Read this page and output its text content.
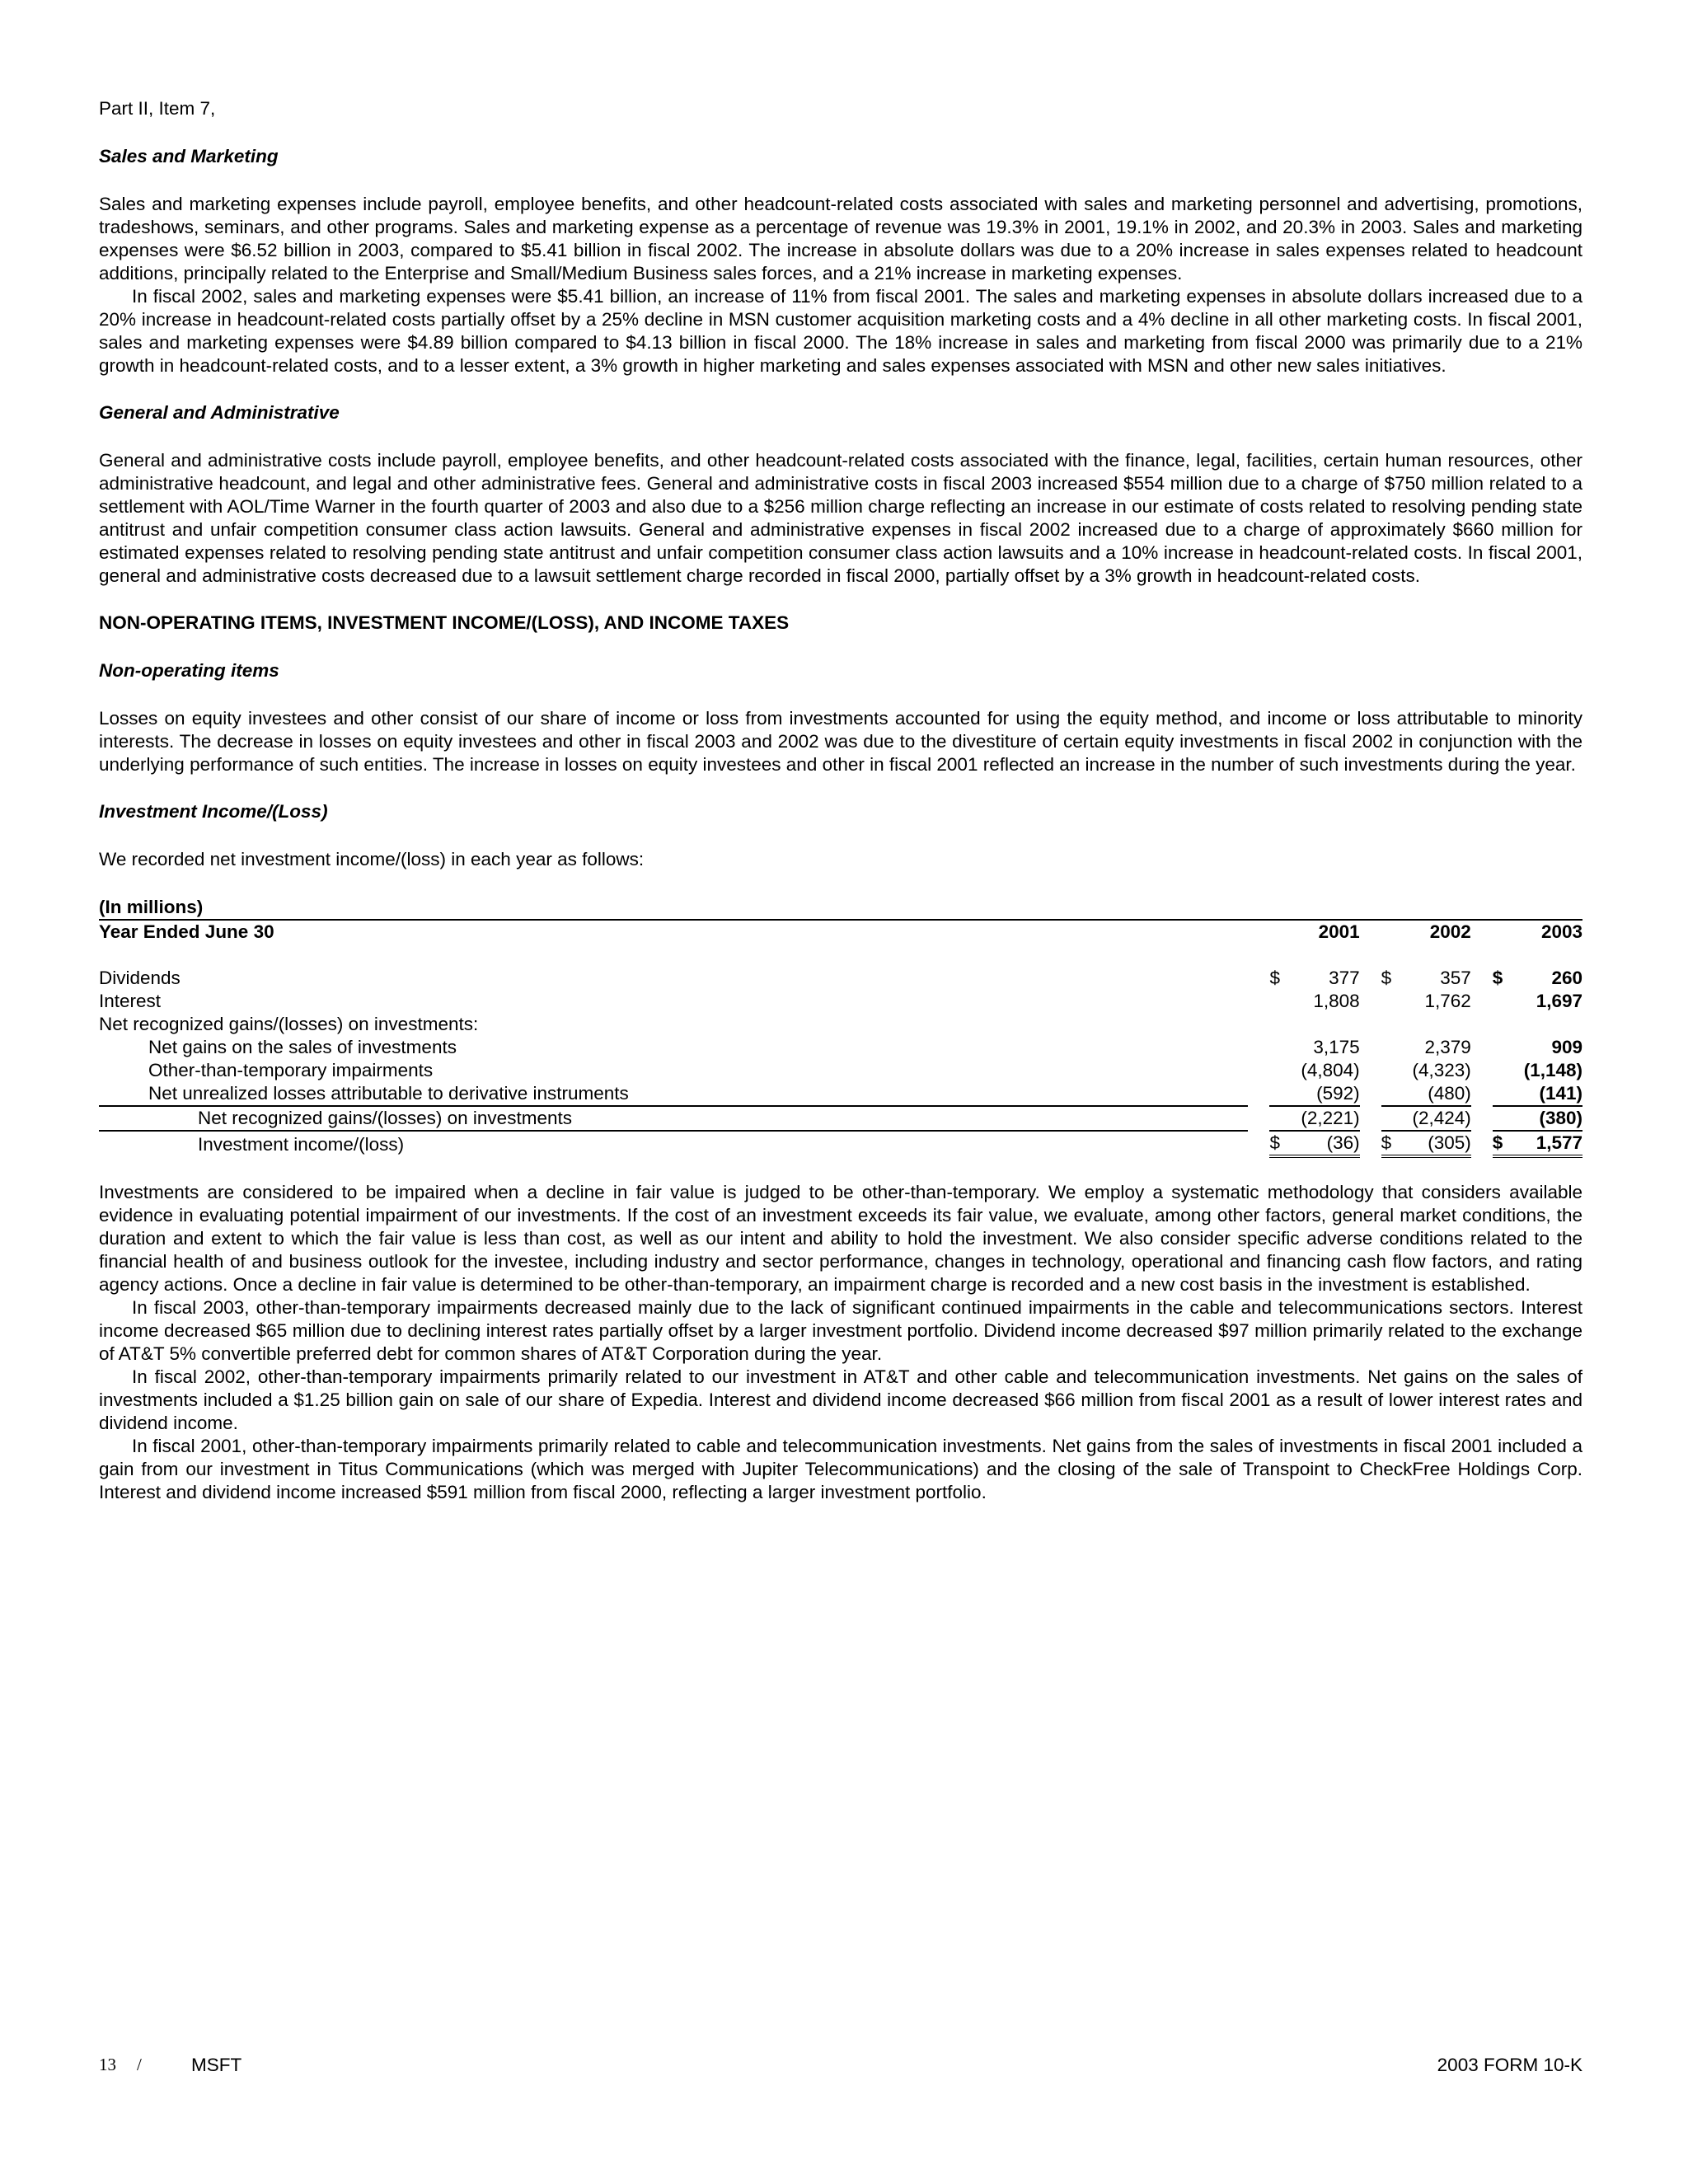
Part II, Item 7,
Sales and Marketing

Sales and marketing expenses include payroll, employee benefits, and other headcount-related costs associated with sales and marketing personnel and advertising, promotions, tradeshows, seminars, and other programs. Sales and marketing expense as a percentage of revenue was 19.3% in 2001, 19.1% in 2002, and 20.3% in 2003. Sales and marketing expenses were $6.52 billion in 2003, compared to $5.41 billion in fiscal 2002. The increase in absolute dollars was due to a 20% increase in sales expenses related to headcount additions, principally related to the Enterprise and Small/Medium Business sales forces, and a 21% increase in marketing expenses.

In fiscal 2002, sales and marketing expenses were $5.41 billion, an increase of 11% from fiscal 2001. The sales and marketing expenses in absolute dollars increased due to a 20% increase in headcount-related costs partially offset by a 25% decline in MSN customer acquisition marketing costs and a 4% decline in all other marketing costs. In fiscal 2001, sales and marketing expenses were $4.89 billion compared to $4.13 billion in fiscal 2000. The 18% increase in sales and marketing from fiscal 2000 was primarily due to a 21% growth in headcount-related costs, and to a lesser extent, a 3% growth in higher marketing and sales expenses associated with MSN and other new sales initiatives.

General and Administrative

General and administrative costs include payroll, employee benefits, and other headcount-related costs associated with the finance, legal, facilities, certain human resources, other administrative headcount, and legal and other administrative fees. General and administrative costs in fiscal 2003 increased $554 million due to a charge of $750 million related to a settlement with AOL/Time Warner in the fourth quarter of 2003 and also due to a $256 million charge reflecting an increase in our estimate of costs related to resolving pending state antitrust and unfair competition consumer class action lawsuits. General and administrative expenses in fiscal 2002 increased due to a charge of approximately $660 million for estimated expenses related to resolving pending state antitrust and unfair competition consumer class action lawsuits and a 10% increase in headcount-related costs. In fiscal 2001, general and administrative costs decreased due to a lawsuit settlement charge recorded in fiscal 2000, partially offset by a 3% growth in headcount-related costs.

NON-OPERATING ITEMS, INVESTMENT INCOME/(LOSS), AND INCOME TAXES
Non-operating items

Losses on equity investees and other consist of our share of income or loss from investments accounted for using the equity method, and income or loss attributable to minority interests. The decrease in losses on equity investees and other in fiscal 2003 and 2002 was due to the divestiture of certain equity investments in fiscal 2002 in conjunction with the underlying performance of such entities. The increase in losses on equity investees and other in fiscal 2001 reflected an increase in the number of such investments during the year.

Investment Income/(Loss)

We recorded net investment income/(loss) in each year as follows:

(In millions)						
Year Ended June 30		2001		2002		2003

Dividends		$ 377		$ 357		$ 260

Interest		1,808		1,762		1,697
Net recognized gains/(losses) on investments:						
Net gains on the sales of investments		3,175		2,379		909
Other-than-temporary impairments		(4,804)		(4,323)		(1,148)
Net unrealized losses attributable to derivative instruments		(592)		(480)		(141)
Net recognized gains/(losses) on investments		(2,221)		(2,424)		(380)
Investment income/(loss)		$ (36)		$ (305)		$ 1,577

Investments are considered to be impaired when a decline in fair value is judged to be other-than-temporary. We employ a systematic methodology that considers available evidence in evaluating potential impairment of our investments. If the cost of an investment exceeds its fair value, we evaluate, among other factors, general market conditions, the duration and extent to which the fair value is less than cost, as well as our intent and ability to hold the investment. We also consider specific adverse conditions related to the financial health of and business outlook for the investee, including industry and sector performance, changes in technology, operational and financing cash flow factors, and rating agency actions. Once a decline in fair value is determined to be other-than-temporary, an impairment charge is recorded and a new cost basis in the investment is established.

In fiscal 2003, other-than-temporary impairments decreased mainly due to the lack of significant continued impairments in the cable and telecommunications sectors. Interest income decreased $65 million due to declining interest rates partially offset by a larger investment portfolio. Dividend income decreased $97 million primarily related to the exchange of AT&T 5% convertible preferred debt for common shares of AT&T Corporation during the year.

In fiscal 2002, other-than-temporary impairments primarily related to our investment in AT&T and other cable and telecommunication investments. Net gains on the sales of investments included a $1.25 billion gain on sale of our share of Expedia. Interest and dividend income decreased $66 million from fiscal 2001 as a result of lower interest rates and dividend income.

In fiscal 2001, other-than-temporary impairments primarily related to cable and telecommunication investments. Net gains from the sales of investments in fiscal 2001 included a gain from our investment in Titus Communications (which was merged with Jupiter Telecommunications) and the closing of the sale of Transpoint to CheckFree Holdings Corp. Interest and dividend income increased $591 million from fiscal 2000, reflecting a larger investment portfolio.

13 /	MSFT	2003 FORM 10-K
